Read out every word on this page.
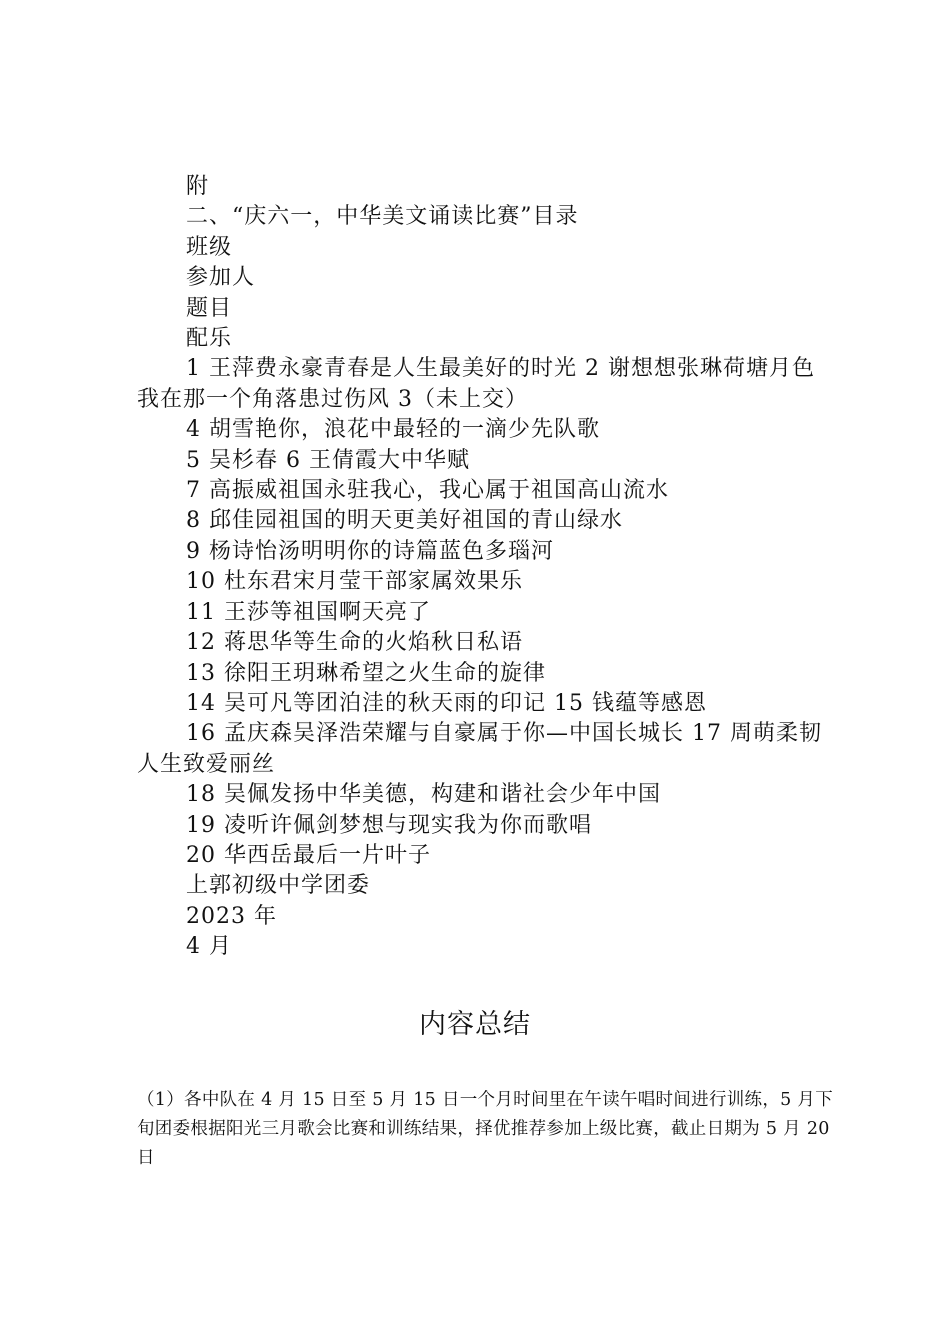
附

二、“庆六一，中华美文诵读比赛”目录

班级

参加人

题目

配乐

1 王萍费永豪青春是人生最美好的时光 2 谢想想张琳荷塘月色我在那一个角落患过伤风 3（未上交）

4 胡雪艳你，浪花中最轻的一滴少先队歌

5 吴杉春 6 王倩霞大中华赋

7 高振威祖国永驻我心，我心属于祖国高山流水

8 邱佳园祖国的明天更美好祖国的青山绿水

9 杨诗怡汤明明你的诗篇蓝色多瑙河

10 杜东君宋月莹干部家属效果乐

11 王莎等祖国啊天亮了

12 蒋思华等生命的火焰秋日私语

13 徐阳王玥琳希望之火生命的旋律

14 吴可凡等团泊洼的秋天雨的印记 15 钱蕴等感恩

16 孟庆森吴泽浩荣耀与自豪属于你—中国长城长 17 周萌柔韧人生致爱丽丝

18 吴佩发扬中华美德，构建和谐社会少年中国

19 凌听许佩剑梦想与现实我为你而歌唱

20 华西岳最后一片叶子

上郭初级中学团委

2023 年

4 月

内容总结

（1）各中队在 4 月 15 日至 5 月 15 日一个月时间里在午读午唱时间进行训练，5 月下旬团委根据阳光三月歌会比赛和训练结果，择优推荐参加上级比赛，截止日期为 5 月 20 日
